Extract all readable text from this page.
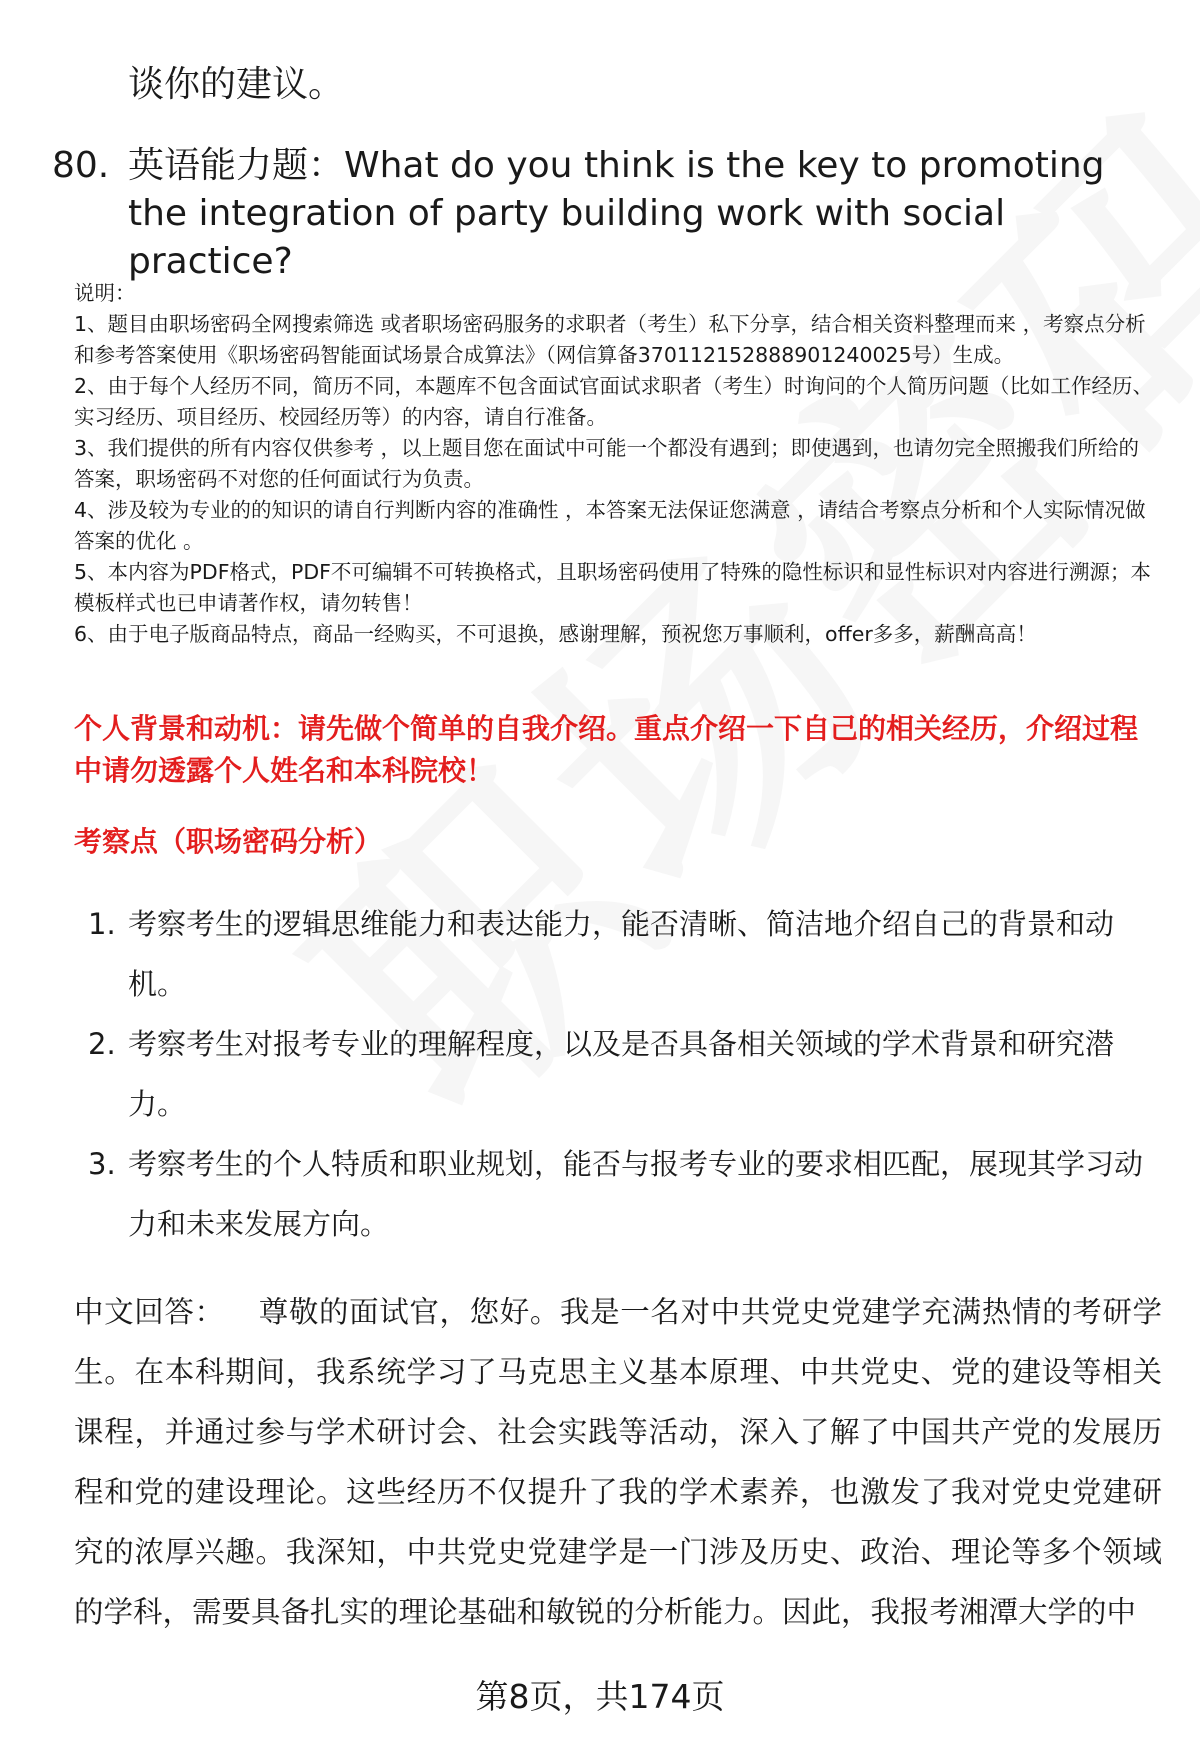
谈你的建议。
80. 英语能力题：What do you think is the key to promoting the integration of party building work with social practice?

说明：

1、题目由职场密码全网搜索筛选 或者职场密码服务的求职者（考生）私下分享，结合相关资料整理而来 ，考察点分析和参考答案使用《职场密码智能面试场景合成算法》（网信算备370112152888901240025号）生成。

2、由于每个人经历不同，简历不同，本题库不包含面试官面试求职者（考生）时询问的个人简历问题（比如工作经历、实习经历、项目经历、校园经历等）的内容，请自行准备。

3、我们提供的所有内容仅供参考 ，以上题目您在面试中可能一个都没有遇到；即使遇到，也请勿完全照搬我们所给的答案，职场密码不对您的任何面试行为负责。

4、涉及较为专业的的知识的请自行判断内容的准确性 ，本答案无法保证您满意 ，请结合考察点分析和个人实际情况做答案的优化 。

5、本内容为PDF格式，PDF不可编辑不可转换格式，且职场密码使用了特殊的隐性标识和显性标识对内容进行溯源；本模板样式也已申请著作权，请勿转售！

6、由于电子版商品特点，商品一经购买，不可退换，感谢理解，预祝您万事顺利，offer多多，薪酬高高！

个人背景和动机：请先做个简单的自我介绍。重点介绍一下自己的相关经历，介绍过程中请勿透露个人姓名和本科院校！
考察点（职场密码分析）
1. 考察考生的逻辑思维能力和表达能力，能否清晰、简洁地介绍自己的背景和动机。
2. 考察考生对报考专业的理解程度，以及是否具备相关领域的学术背景和研究潜力。
3. 考察考生的个人特质和职业规划，能否与报考专业的要求相匹配，展现其学习动力和未来发展方向。
中文回答： 尊敬的面试官，您好。我是一名对中共党史党建学充满热情的考研学生。在本科期间，我系统学习了马克思主义基本原理、中共党史、党的建设等相关课程，并通过参与学术研讨会、社会实践等活动，深入了解了中国共产党的发展历程和党的建设理论。这些经历不仅提升了我的学术素养，也激发了我对党史党建研究的浓厚兴趣。我深知，中共党史党建学是一门涉及历史、政治、理论等多个领域的学科，需要具备扎实的理论基础和敏锐的分析能力。因此，我报考湘潭大学的中
第8页，共174页
